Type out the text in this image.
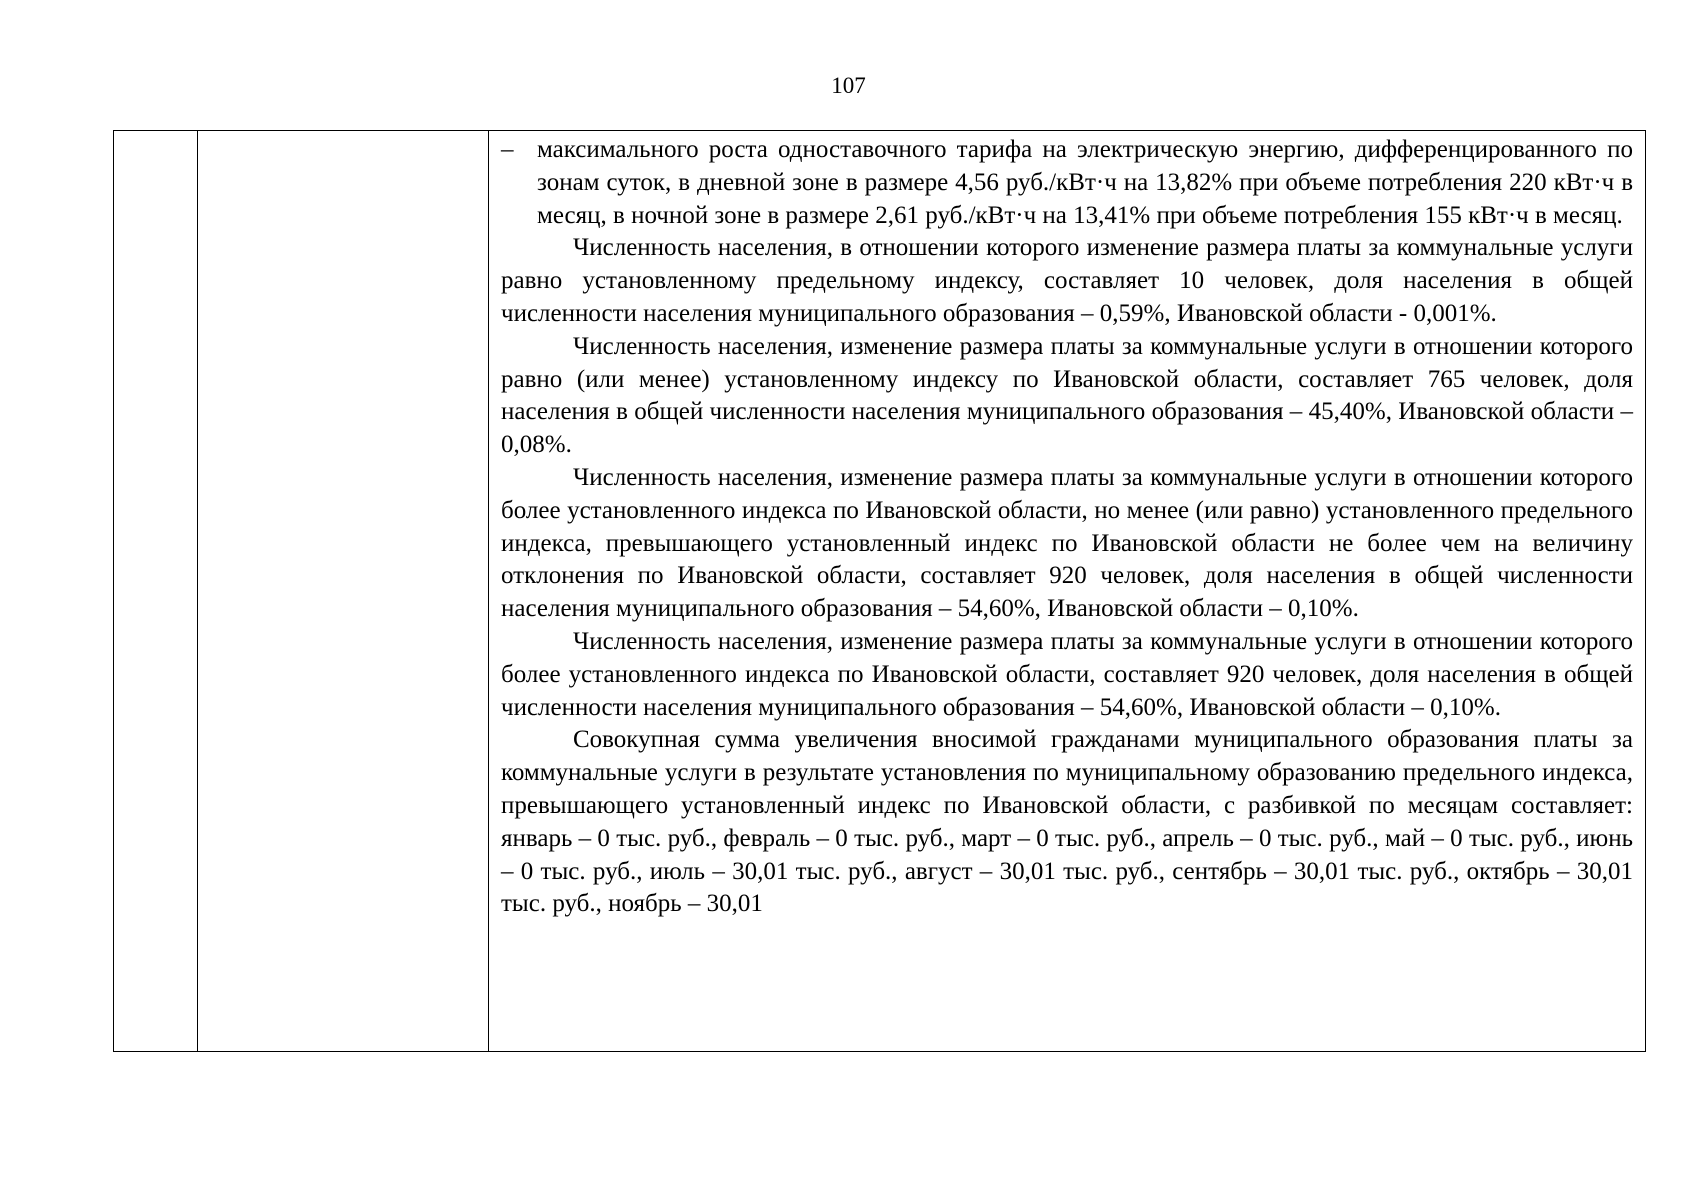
107

– максимального роста одноставочного тарифа на электрическую энергию, дифференцированного по зонам суток, в дневной зоне в размере 4,56 руб./кВт·ч на 13,82% при объеме потребления 220 кВт·ч в месяц, в ночной зоне в размере 2,61 руб./кВт·ч на 13,41% при объеме потребления 155 кВт·ч в месяц.

Численность населения, в отношении которого изменение размера платы за коммунальные услуги равно установленному предельному индексу, составляет 10 человек, доля населения в общей численности населения муниципального образования – 0,59%, Ивановской области - 0,001%.

Численность населения, изменение размера платы за коммунальные услуги в отношении которого равно (или менее) установленному индексу по Ивановской области, составляет 765 человек, доля населения в общей численности населения муниципального образования – 45,40%, Ивановской области – 0,08%.

Численность населения, изменение размера платы за коммунальные услуги в отношении которого более установленного индекса по Ивановской области, но менее (или равно) установленного предельного индекса, превышающего установленный индекс по Ивановской области не более чем на величину отклонения по Ивановской области, составляет 920 человек, доля населения в общей численности населения муниципального образования – 54,60%, Ивановской области – 0,10%.

Численность населения, изменение размера платы за коммунальные услуги в отношении которого более установленного индекса по Ивановской области, составляет 920 человек, доля населения в общей численности населения муниципального образования – 54,60%, Ивановской области – 0,10%.

Совокупная сумма увеличения вносимой гражданами муниципального образования платы за коммунальные услуги в результате установления по муниципальному образованию предельного индекса, превышающего установленный индекс по Ивановской области, с разбивкой по месяцам составляет: январь – 0 тыс. руб., февраль – 0 тыс. руб., март – 0 тыс. руб., апрель – 0 тыс. руб., май – 0 тыс. руб., июнь – 0 тыс. руб., июль – 30,01 тыс. руб., август – 30,01 тыс. руб., сентябрь – 30,01 тыс. руб., октябрь – 30,01 тыс. руб., ноябрь – 30,01
